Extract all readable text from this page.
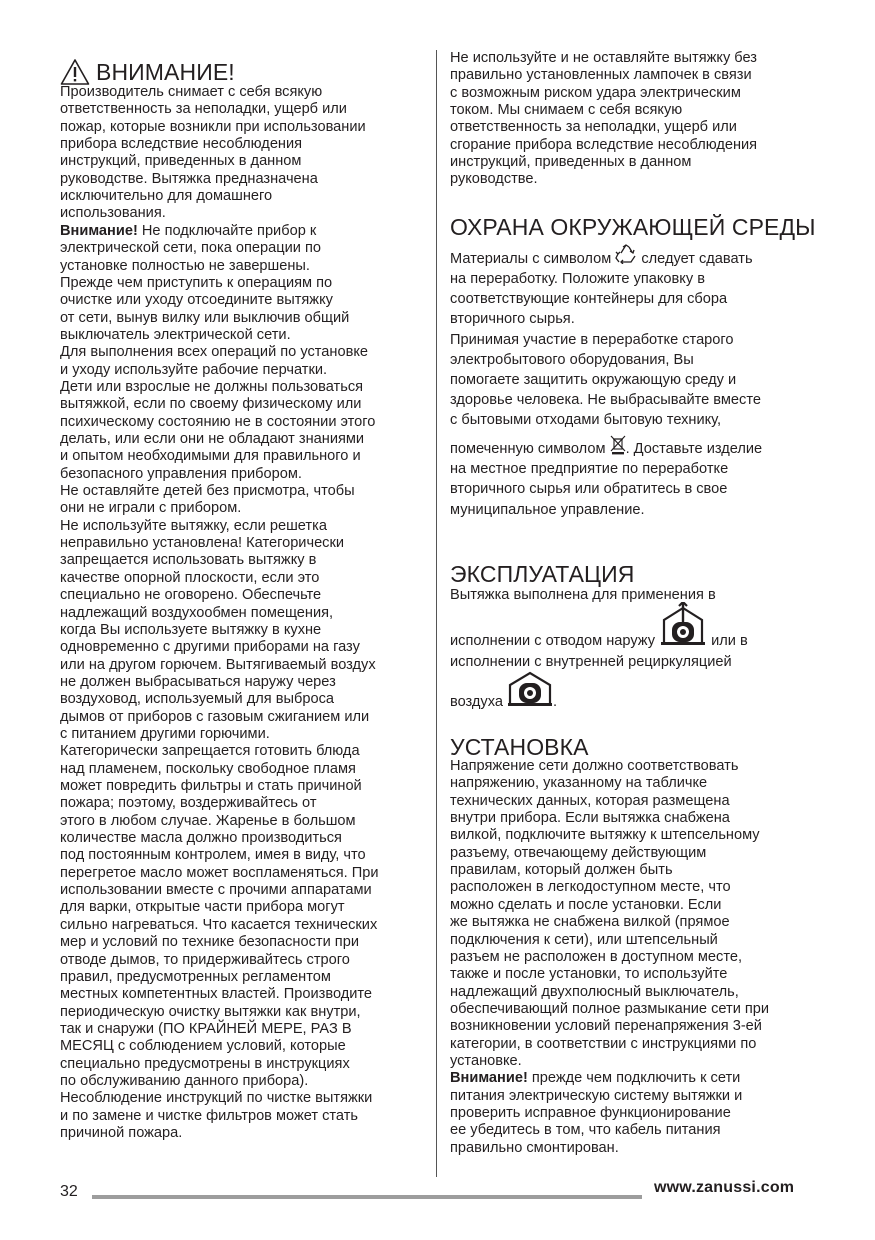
ВНИМАНИЕ!

Производитель снимает с себя всякую

ответственность за неполадки, ущерб или

пожар, которые возникли при использовании

прибора вследствие несоблюдения

инструкций, приведенных в данном

руководстве. Вытяжка предназначена

исключительно для домашнего

использования.

Внимание! Не подключайте прибор к

электрической сети, пока операции по

установке полностью не завершены.

Прежде чем приступить к операциям по

очистке или уходу отсоедините вытяжку

от сети, вынув вилку или выключив общий

выключатель электрической сети.

Для выполнения всех операций по установке

и уходу используйте рабочие перчатки.

Дети или взрослые не должны пользоваться

вытяжкой, если по своему физическому или

психическому состоянию не в состоянии этого

делать, или если они не обладают знаниями

и опытом необходимыми для правильного и

безопасного управления прибором.

Не оставляйте детей без присмотра, чтобы

они не играли с прибором.

Не используйте вытяжку, если решетка

неправильно установлена! Категорически

запрещается использовать вытяжку в

качестве опорной плоскости, если это

специально не оговорено. Обеспечьте

надлежащий воздухообмен помещения,

когда Вы используете вытяжку в кухне

одновременно с другими приборами на газу

или на другом горючем. Вытягиваемый воздух

не должен выбрасываться наружу через

воздуховод, используемый для выброса

дымов от приборов с газовым сжиганием или

с питанием другими горючими.

Категорически запрещается готовить блюда

над пламенем, поскольку свободное пламя

может повредить фильтры и стать причиной

пожара; поэтому, воздерживайтесь от

этого в любом случае. Жаренье в большом

количестве масла должно производиться

под постоянным контролем, имея в виду, что

перегретое масло может воспламеняться. При

использовании вместе с прочими аппаратами

для варки, открытые части прибора могут

сильно нагреваться. Что касается технических

мер и условий по технике безопасности при

отводе дымов, то придерживайтесь строго

правил, предусмотренных регламентом

местных компетентных властей. Производите

периодическую очистку вытяжки как внутри,

так и снаружи (ПО КРАЙНЕЙ МЕРЕ, РАЗ В

МЕСЯЦ с соблюдением условий, которые

специально предусмотрены в инструкциях

по обслуживанию данного прибора).

Несоблюдение инструкций по чистке вытяжки

и по замене и чистке фильтров может стать

причиной пожара.

Не используйте и не оставляйте вытяжку без

правильно установленных лампочек в связи

с возможным риском удара электрическим

током. Мы снимаем с себя всякую

ответственность за неполадки, ущерб или

сгорание прибора вследствие несоблюдения

инструкций, приведенных в данном

руководстве.

ОХРАНА ОКРУЖАЮЩЕЙ СРЕДЫ

Материалы с символом  следует сдавать

на переработку. Положите упаковку в

соответствующие контейнеры для сбора

вторичного сырья.

Принимая участие в переработке старого

электробытового оборудования, Вы

помогаете защитить окружающую среду и

здоровье человека. Не выбрасывайте вместе

с бытовыми отходами бытовую технику,

помеченную символом . Доставьте изделие

на местное предприятие по переработке

вторичного сырья или обратитесь в свое

муниципальное управление.

ЭКСПЛУАТАЦИЯ

Вытяжка выполнена для применения в

исполнении с отводом наружу	или в

исполнении с внутренней рециркуляцией

воздуха	.

УСТАНОВКА

Напряжение сети должно соответствовать

напряжению, указанному на табличке

технических данных, которая размещена

внутри прибора. Если вытяжка снабжена

вилкой, подключите вытяжку к штепсельному

разъему, отвечающему действующим

правилам, который должен быть

расположен в легкодоступном месте, что

можно сделать и после установки. Если

же вытяжка не снабжена вилкой (прямое

подключения к сети), или штепсельный

разъем не расположен в доступном месте,

также и после установки, то используйте

надлежащий двухполюсный выключатель,

обеспечивающий полное размыкание сети при

возникновении условий перенапряжения 3-ей

категории, в соответствии с инструкциями по

установке.

Внимание! прежде чем подключить к сети

питания электрическую систему вытяжки и

проверить исправное функционирование

ее убедитесь в том, что кабель питания

правильно смонтирован.

32	www.zanussi.com
